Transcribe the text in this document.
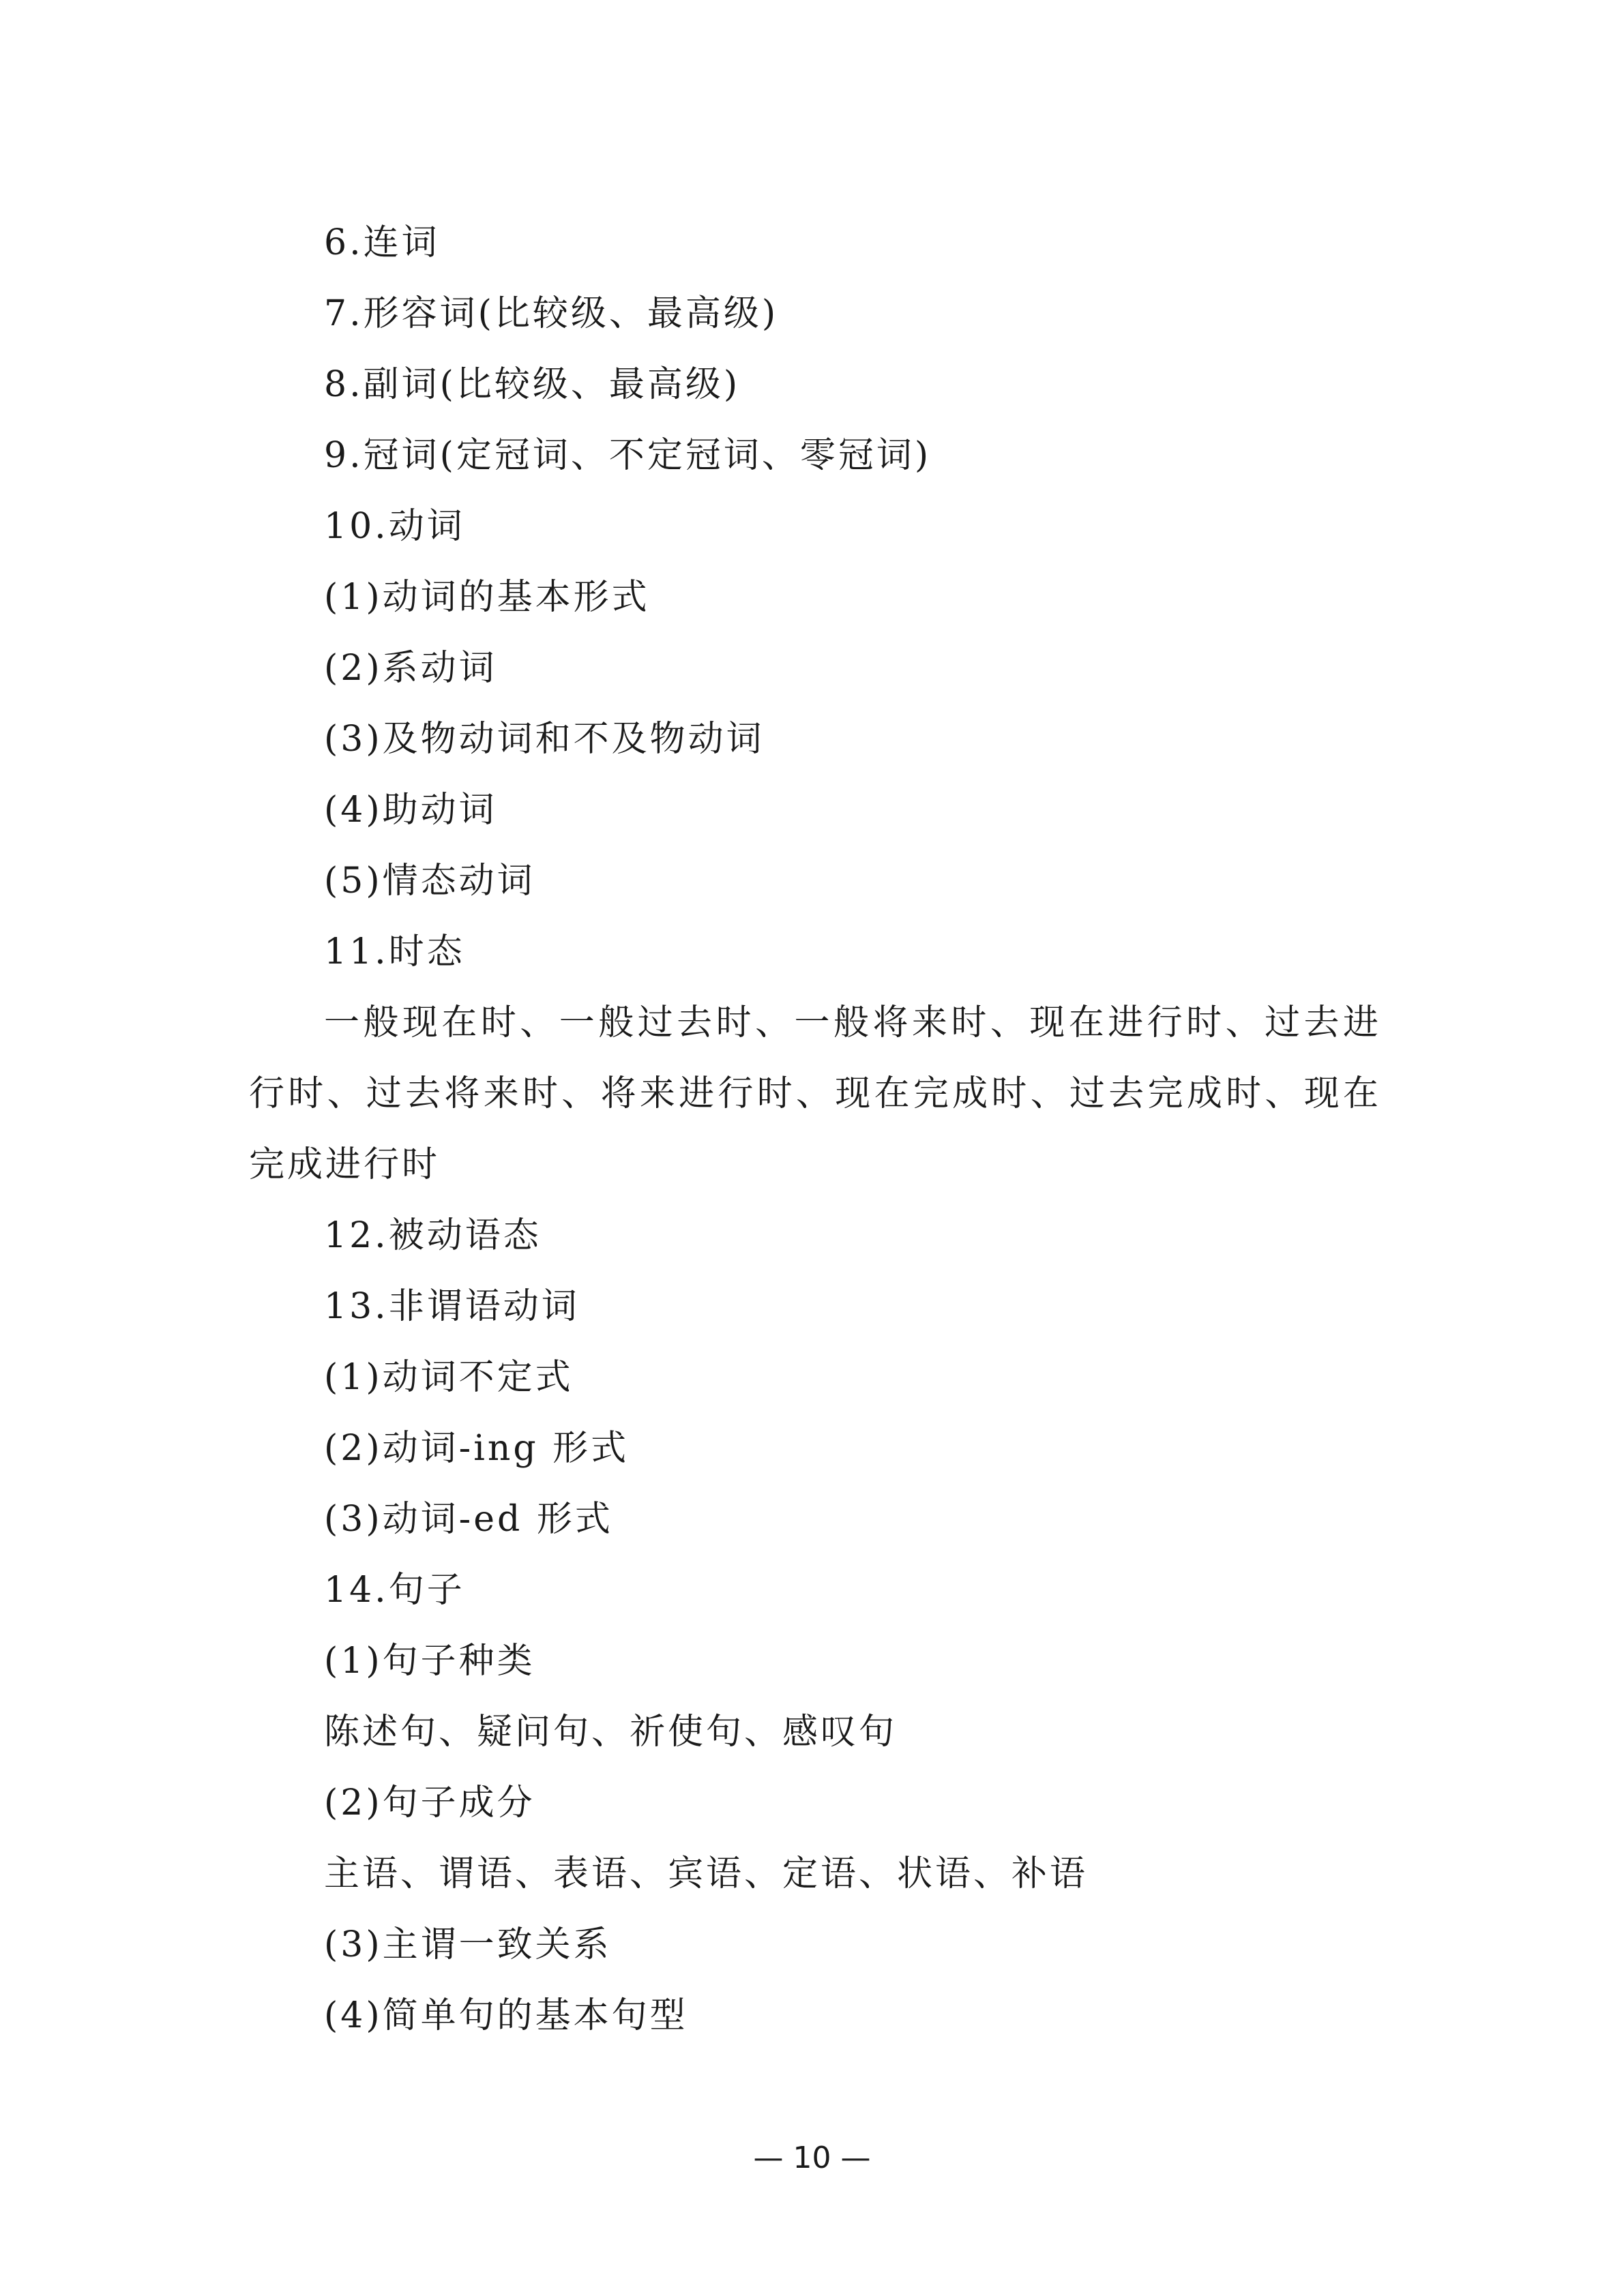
6.连词
7.形容词(比较级、最高级)
8.副词(比较级、最高级)
9.冠词(定冠词、不定冠词、零冠词)
10.动词
(1)动词的基本形式
(2)系动词
(3)及物动词和不及物动词
(4)助动词
(5)情态动词
11.时态
一般现在时、一般过去时、一般将来时、现在进行时、过去进行时、过去将来时、将来进行时、现在完成时、过去完成时、现在完成进行时
12.被动语态
13.非谓语动词
(1)动词不定式
(2)动词-ing 形式
(3)动词-ed 形式
14.句子
(1)句子种类
陈述句、疑问句、祈使句、感叹句
(2)句子成分
主语、谓语、表语、宾语、定语、状语、补语
(3)主谓一致关系
(4)简单句的基本句型
— 10 —
